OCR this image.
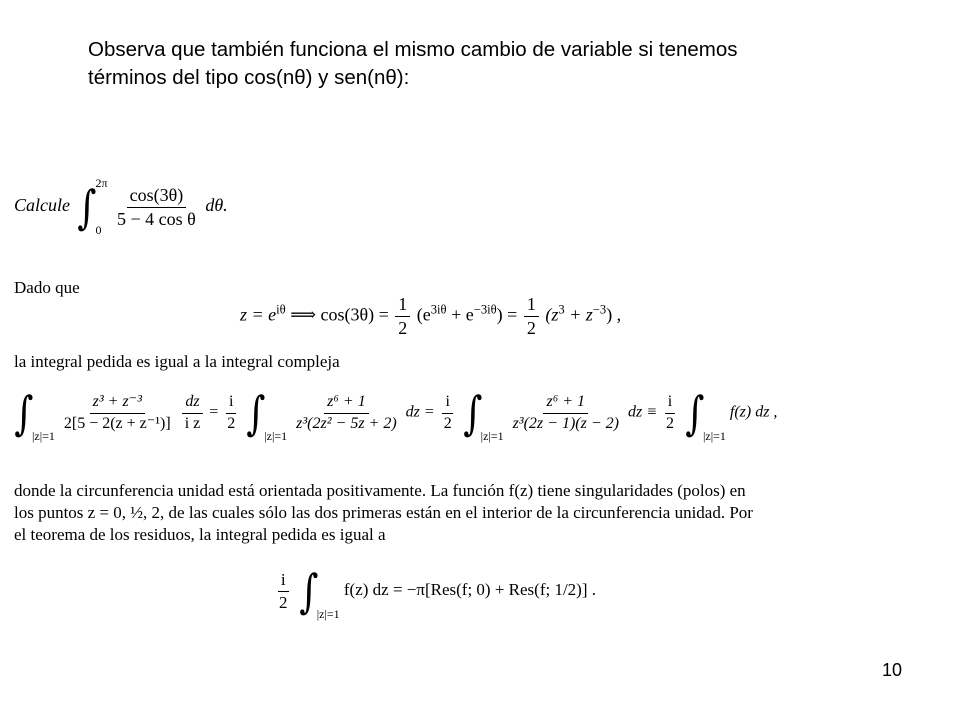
Observa que también funciona el mismo cambio de variable si tenemos
términos del tipo cos(nθ) y sen(nθ):
Calcule ∫ 2π
0

$\frac{\cos(3\theta)}{\text{5 − 4 cos θ}} d\theta$.
Dado que
$z = e^{i\theta}$ ⟹ $\cos(3\theta) = \frac{1}{2} (e^{3i\theta} + e^{-3i\theta}) = \frac{1}{2} (z^3 + z^{-3})$ ,
la integral pedida es igual a la integral compleja
∫
|z|=1

$\frac{\text{z³ + z⁻³}}{\text{2[5 − 2(z + z⁻¹)]}}$
$\frac{dz}{\text{i z}} = \frac{i}{2}$
∫
|z|=1

$\frac{\text{z⁶ + 1}}{\text{z³(2z² − 5z + 2)}}$ dz = $\frac{i}{2}$
∫
|z|=1

$\frac{\text{z⁶ + 1}}{\text{z³(2z − 1)(z − 2)}}$ dz ≡ $\frac{i}{2}$
∫
|z|=1
f(z) dz ,
donde la circunferencia unidad está orientada positivamente. La función f(z) tiene singularidades (polos) en
los puntos z = 0, ½, 2, de las cuales sólo las dos primeras están en el interior de la circunferencia unidad. Por
el teorema de los residuos, la integral pedida es igual a
$\frac{i}{2}$
∫
|z|=1
f(z) dz = −π[Res(f; 0) + Res(f; 1/2)] .
10
